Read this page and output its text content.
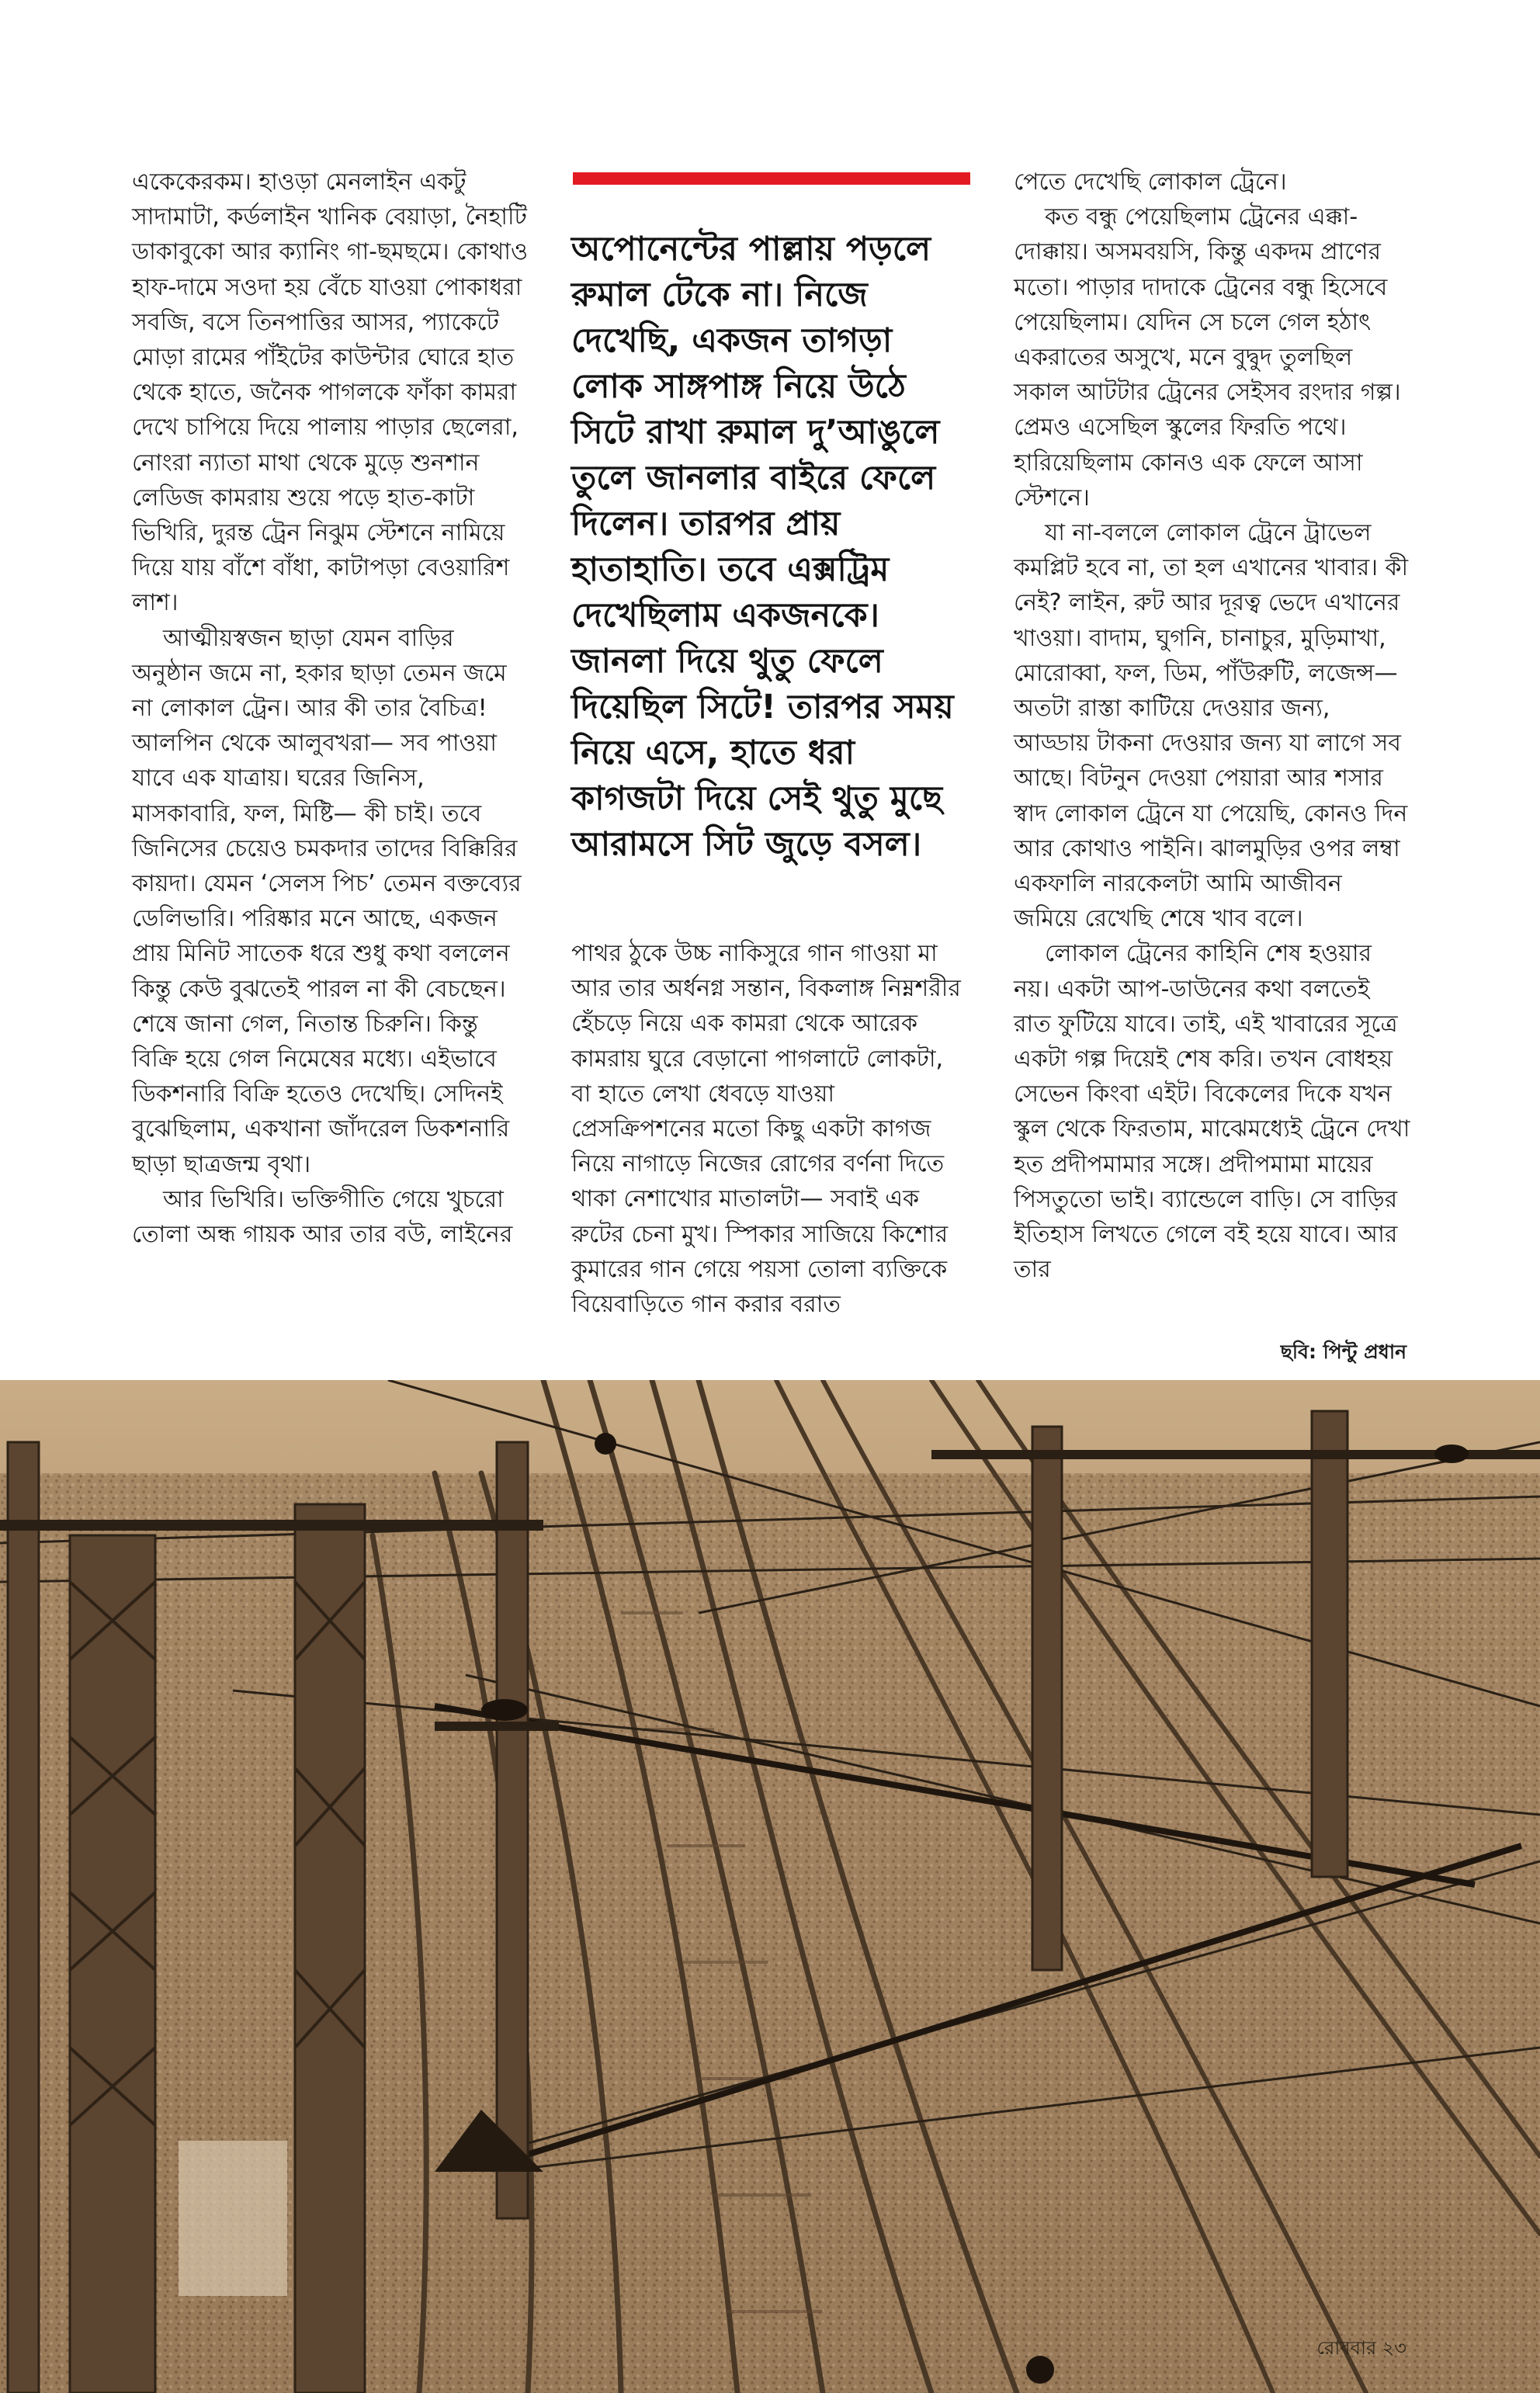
একেকেরকম। হাওড়া মেনলাইন একটু সাদামাটা, কর্ডলাইন খানিক বেয়াড়া, নৈহাটি ডাকাবুকো আর ক্যানিং গা-ছমছমে। কোথাও হাফ-দামে সওদা হয় বেঁচে যাওয়া পোকাধরা সবজি, বসে তিনপাত্তির আসর, প্যাকেটে মোড়া রামের পাঁইটের কাউন্টার ঘোরে হাত থেকে হাতে, জনৈক পাগলকে ফাঁকা কামরা দেখে চাপিয়ে দিয়ে পালায় পাড়ার ছেলেরা, নোংরা ন্যাতা মাথা থেকে মুড়ে শুনশান লেডিজ কামরায় শুয়ে পড়ে হাত-কাটা ভিখিরি, দুরন্ত ট্রেন নিঝুম স্টেশনে নামিয়ে দিয়ে যায় বাঁশে বাঁধা, কাটাপড়া বেওয়ারিশ লাশ।

আত্মীয়স্বজন ছাড়া যেমন বাড়ির অনুষ্ঠান জমে না, হকার ছাড়া তেমন জমে না লোকাল ট্রেন। আর কী তার বৈচিত্র! আলপিন থেকে আলুবখরা— সব পাওয়া যাবে এক যাত্রায়। ঘরের জিনিস, মাসকাবারি, ফল, মিষ্টি— কী চাই। তবে জিনিসের চেয়েও চমকদার তাদের বিক্কিরির কায়দা। যেমন ‘সেলস পিচ’ তেমন বক্তব্যের ডেলিভারি। পরিষ্কার মনে আছে, একজন প্রায় মিনিট সাতেক ধরে শুধু কথা বললেন কিন্তু কেউ বুঝতেই পারল না কী বেচছেন। শেষে জানা গেল, নিতান্ত চিরুনি। কিন্তু বিক্রি হয়ে গেল নিমেষের মধ্যে। এইভাবে ডিকশনারি বিক্রি হতেও দেখেছি। সেদিনই বুঝেছিলাম, একখানা জাঁদরেল ডিকশনারি ছাড়া ছাত্রজন্ম বৃথা।

আর ভিখিরি। ভক্তিগীতি গেয়ে খুচরো তোলা অন্ধ গায়ক আর তার বউ, লাইনের

অপোনেন্টের পাল্লায় পড়লে রুমাল টেকে না। নিজে দেখেছি, একজন তাগড়া লোক সাঙ্গপাঙ্গ নিয়ে উঠে সিটে রাখা রুমাল দু’আঙুলে তুলে জানলার বাইরে ফেলে দিলেন। তারপর প্রায় হাতাহাতি। তবে এক্সট্রিম দেখেছিলাম একজনকে। জানলা দিয়ে থুতু ফেলে দিয়েছিল সিটে! তারপর সময় নিয়ে এসে, হাতে ধরা কাগজটা দিয়ে সেই থুতু মুছে আরামসে সিট জুড়ে বসল।

পাথর ঠুকে উচ্চ নাকিসুরে গান গাওয়া মা আর তার অর্ধনগ্ন সন্তান, বিকলাঙ্গ নিম্নশরীর হেঁচড়ে নিয়ে এক কামরা থেকে আরেক কামরায় ঘুরে বেড়ানো পাগলাটে লোকটা, বা হাতে লেখা ধেবড়ে যাওয়া প্রেসক্রিপশনের মতো কিছু একটা কাগজ নিয়ে নাগাড়ে নিজের রোগের বর্ণনা দিতে থাকা নেশাখোর মাতালটা— সবাই এক রুটের চেনা মুখ। স্পিকার সাজিয়ে কিশোর কুমারের গান গেয়ে পয়সা তোলা ব্যক্তিকে বিয়েবাড়িতে গান করার বরাত

পেতে দেখেছি লোকাল ট্রেনে।

কত বন্ধু পেয়েছিলাম ট্রেনের এক্কা-দোক্কায়। অসমবয়সি, কিন্তু একদম প্রাণের মতো। পাড়ার দাদাকে ট্রেনের বন্ধু হিসেবে পেয়েছিলাম। যেদিন সে চলে গেল হঠাৎ একরাতের অসুখে, মনে বুদ্বুদ তুলছিল সকাল আটটার ট্রেনের সেইসব রংদার গল্প। প্রেমও এসেছিল স্কুলের ফিরতি পথে। হারিয়েছিলাম কোনও এক ফেলে আসা স্টেশনে।

যা না-বললে লোকাল ট্রেনে ট্রাভেল কমপ্লিট হবে না, তা হল এখানের খাবার। কী নেই? লাইন, রুট আর দূরত্ব ভেদে এখানের খাওয়া। বাদাম, ঘুগনি, চানাচুর, মুড়িমাখা, মোরোব্বা, ফল, ডিম, পাঁউরুটি, লজেন্স— অতটা রাস্তা কাটিয়ে দেওয়ার জন্য, আড্ডায় টাকনা দেওয়ার জন্য যা লাগে সব আছে। বিটনুন দেওয়া পেয়ারা আর শসার স্বাদ লোকাল ট্রেনে যা পেয়েছি, কোনও দিন আর কোথাও পাইনি। ঝালমুড়ির ওপর লম্বা একফালি নারকেলটা আমি আজীবন জমিয়ে রেখেছি শেষে খাব বলে।

লোকাল ট্রেনের কাহিনি শেষ হওয়ার নয়। একটা আপ-ডাউনের কথা বলতেই রাত ফুটিয়ে যাবে। তাই, এই খাবারের সূত্রে একটা গল্প দিয়েই শেষ করি। তখন বোধহয় সেভেন কিংবা এইট। বিকেলের দিকে যখন স্কুল থেকে ফিরতাম, মাঝেমধ্যেই ট্রেনে দেখা হত প্রদীপমামার সঙ্গে। প্রদীপমামা মায়ের পিসতুতো ভাই। ব্যান্ডেলে বাড়ি। সে বাড়ির ইতিহাস লিখতে গেলে বই হয়ে যাবে। আর তার

ছবি: পিন্টু প্রধান
রোববার ২৩
